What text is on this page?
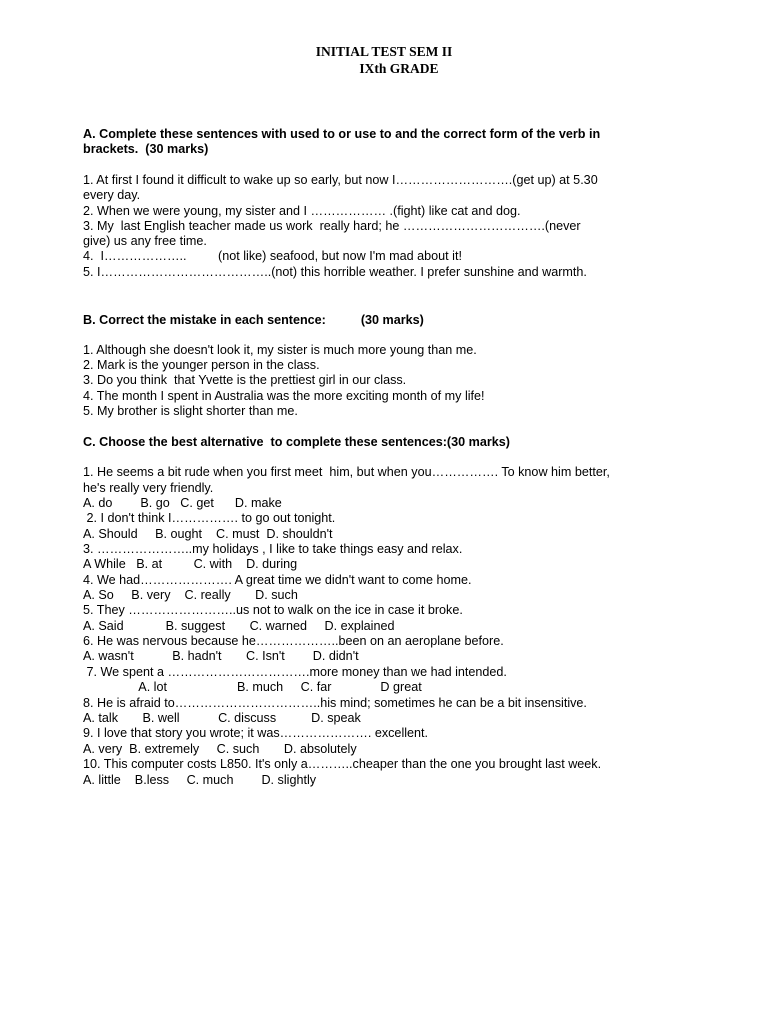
INITIAL TEST SEM II
IXth GRADE
A. Complete these sentences with used to or use to and the correct form of the verb in
brackets.  (30 marks)
1. At first I found it difficult to wake up so early, but now I……………………….(get up) at 5.30
every day.
2. When we were young, my sister and I ……………… .(fight) like cat and dog.
3. My  last English teacher made us work  really hard; he …………………………….(never
give) us any free time.
4.  I………………..         (not like) seafood, but now I'm mad about it!
5. I…………………………………..(not) this horrible weather. I prefer sunshine and warmth.
B. Correct the mistake in each sentence:          (30 marks)
1. Although she doesn't look it, my sister is much more young than me.
2. Mark is the younger person in the class.
3. Do you think  that Yvette is the prettiest girl in our class.
4. The month I spent in Australia was the more exciting month of my life!
5. My brother is slight shorter than me.
C. Choose the best alternative  to complete these sentences:(30 marks)
1. He seems a bit rude when you first meet  him, but when you……………. To know him better,
he's really very friendly.
A. do        B. go   C. get      D. make
2. I don't think I……………. to go out tonight.
A. Should     B. ought    C. must  D. shouldn't
3. …………………..my holidays , I like to take things easy and relax.
A While   B. at         C. with    D. during
4. We had…………………. A great time we didn't want to come home.
A. So     B. very    C. really       D. such
5. They ……………………..us not to walk on the ice in case it broke.
A. Said            B. suggest       C. warned     D. explained
6. He was nervous because he………………..been on an aeroplane before.
A. wasn't           B. hadn't       C. Isn't        D. didn't
7. We spent a …………………………….more money than we had intended.
A. lot                    B. much     C. far              D great
8. He is afraid to……………………………..his mind; sometimes he can be a bit insensitive.
A. talk       B. well           C. discuss          D. speak
9. I love that story you wrote; it was…………………. excellent.
A. very  B. extremely     C. such       D. absolutely
10. This computer costs L850. It's only a………..cheaper than the one you brought last week.
A. little    B.less     C. much        D. slightly
